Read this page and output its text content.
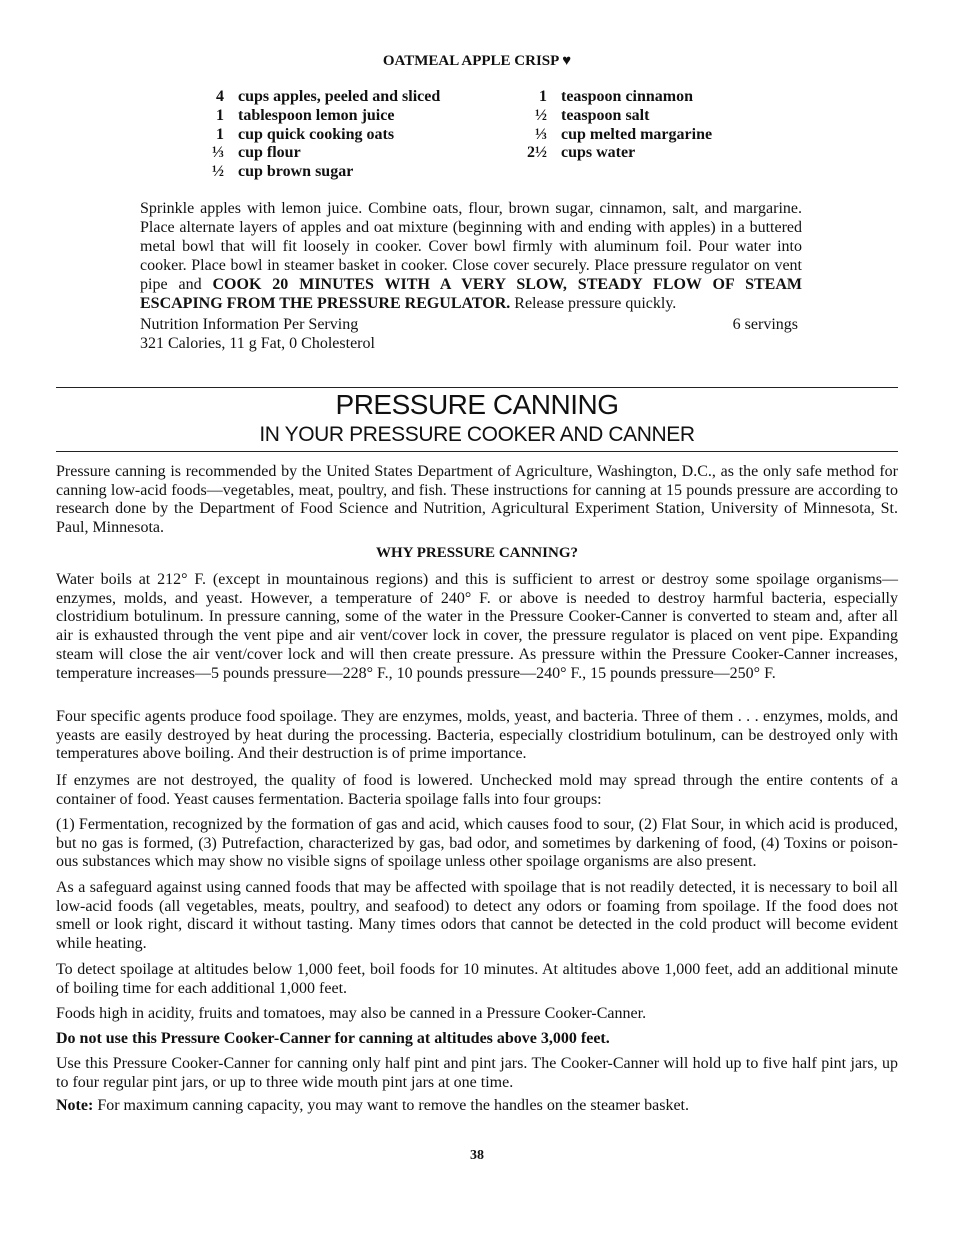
OATMEAL APPLE CRISP ♥
4 cups apples, peeled and sliced
1 tablespoon lemon juice
1 cup quick cooking oats
⅓ cup flour
½ cup brown sugar
1 teaspoon cinnamon
½ teaspoon salt
⅓ cup melted margarine
2½ cups water
Sprinkle apples with lemon juice. Combine oats, flour, brown sugar, cinnamon, salt, and margarine. Place alternate layers of apples and oat mixture (beginning with and ending with apples) in a buttered metal bowl that will fit loosely in cooker. Cover bowl firmly with aluminum foil. Pour water into cooker. Place bowl in steamer basket in cooker. Close cover securely. Place pressure regulator on vent pipe and COOK 20 MINUTES WITH A VERY SLOW, STEADY FLOW OF STEAM ESCAPING FROM THE PRESSURE REGULATOR. Release pressure quickly.
Nutrition Information Per Serving	6 servings
321 Calories, 11 g Fat, 0 Cholesterol
PRESSURE CANNING
IN YOUR PRESSURE COOKER AND CANNER
Pressure canning is recommended by the United States Department of Agriculture, Washington, D.C., as the only safe method for canning low-acid foods—vegetables, meat, poultry, and fish. These instructions for canning at 15 pounds pressure are according to research done by the Department of Food Science and Nutrition, Agricultural Experiment Station, University of Minnesota, St. Paul, Minnesota.
WHY PRESSURE CANNING?
Water boils at 212° F. (except in mountainous regions) and this is sufficient to arrest or destroy some spoilage organisms—enzymes, molds, and yeast. However, a temperature of 240° F. or above is needed to destroy harmful bacteria, especially clostridium botulinum. In pressure canning, some of the water in the Pressure Cooker-Canner is converted to steam and, after all air is exhausted through the vent pipe and air vent/cover lock in cover, the pressure regulator is placed on vent pipe. Expanding steam will close the air vent/cover lock and will then create pressure. As pressure within the Pressure Cooker-Canner increases, temperature increases—5 pounds pressure—228° F., 10 pounds pressure—240° F., 15 pounds pressure—250° F.
Four specific agents produce food spoilage. They are enzymes, molds, yeast, and bacteria. Three of them . . . enzymes, molds, and yeasts are easily destroyed by heat during the processing. Bacteria, especially clostridium botulinum, can be destroyed only with temperatures above boiling. And their destruction is of prime importance.
If enzymes are not destroyed, the quality of food is lowered. Unchecked mold may spread through the entire contents of a container of food. Yeast causes fermentation. Bacteria spoilage falls into four groups:
(1) Fermentation, recognized by the formation of gas and acid, which causes food to sour, (2) Flat Sour, in which acid is produced, but no gas is formed, (3) Putrefaction, characterized by gas, bad odor, and sometimes by darkening of food, (4) Toxins or poison-ous substances which may show no visible signs of spoilage unless other spoilage organisms are also present.
As a safeguard against using canned foods that may be affected with spoilage that is not readily detected, it is necessary to boil all low-acid foods (all vegetables, meats, poultry, and seafood) to detect any odors or foaming from spoilage. If the food does not smell or look right, discard it without tasting. Many times odors that cannot be detected in the cold product will become evident while heating.
To detect spoilage at altitudes below 1,000 feet, boil foods for 10 minutes. At altitudes above 1,000 feet, add an additional minute of boiling time for each additional 1,000 feet.
Foods high in acidity, fruits and tomatoes, may also be canned in a Pressure Cooker-Canner.
Do not use this Pressure Cooker-Canner for canning at altitudes above 3,000 feet.
Use this Pressure Cooker-Canner for canning only half pint and pint jars. The Cooker-Canner will hold up to five half pint jars, up to four regular pint jars, or up to three wide mouth pint jars at one time.
Note: For maximum canning capacity, you may want to remove the handles on the steamer basket.
38
